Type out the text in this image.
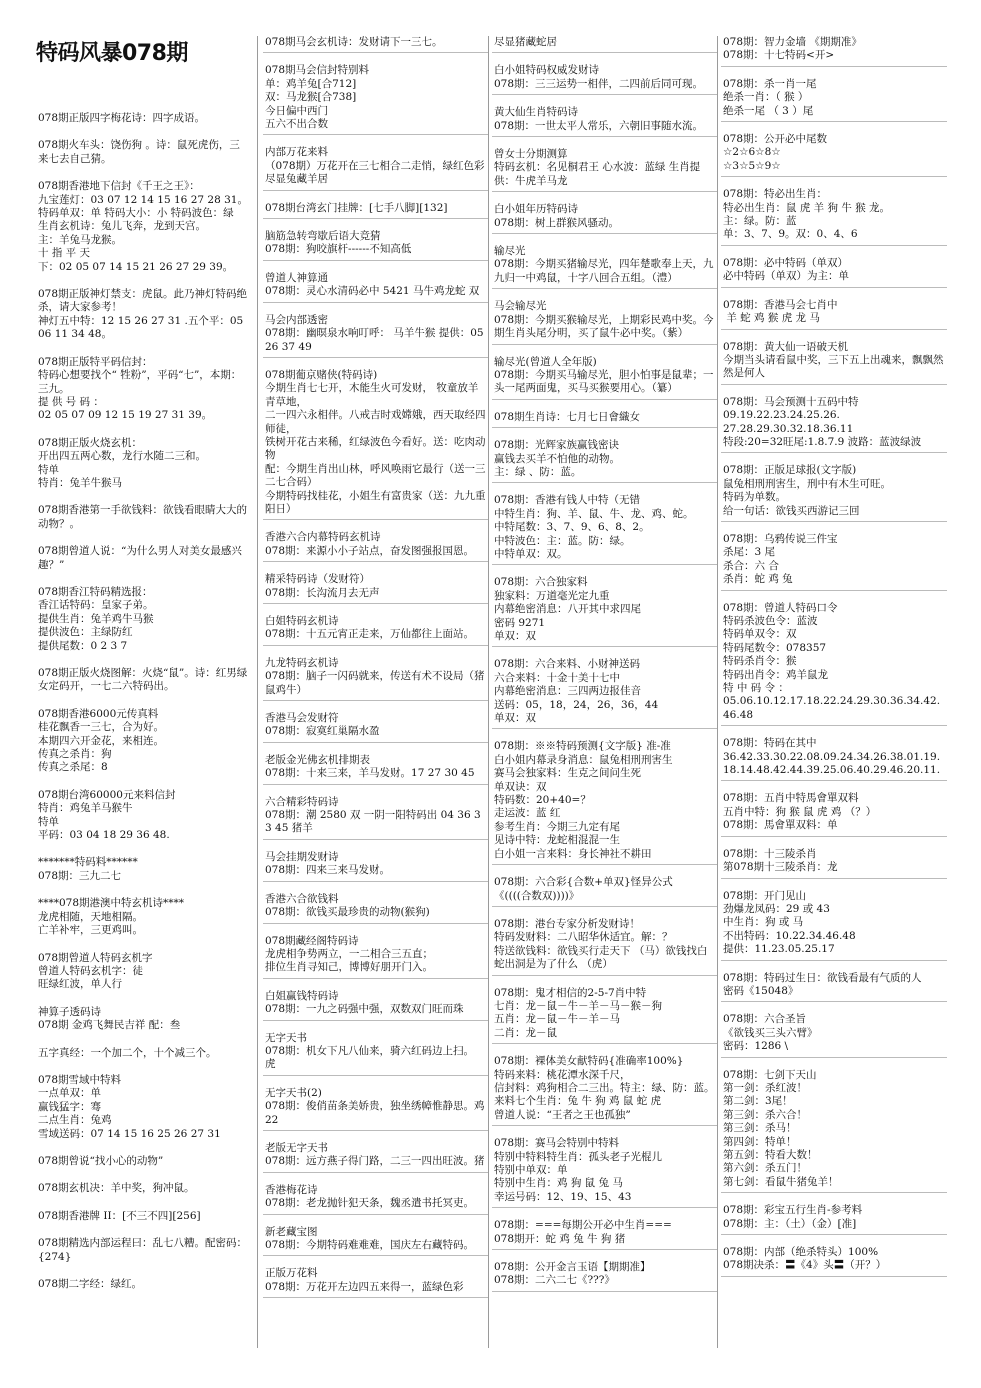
特码风暴078期
078期正版四字梅花诗：四字成语。
078期火车头：饶伤狗 。诗：鼠死虎伤，三来七去自己猜。
078期香港地下信封《千王之王》：
九宝莲灯：03 07 12 14 15 16 27 28 31。
特码单双：单 特码大小：小 特码波色：绿
生肖玄机诗：兔儿飞奔，龙到天宫。
主：羊兔马龙猴。
十 指 平 天
下：02 05 07 14 15 21 26 27 29 39。
078期正版神灯禁支：虎鼠。此乃神灯特码绝杀，请大家参考！
神灯五中特：12 15 26 27 31 .五个平：05 06 11 34 48。
078期正版特平码信封：
特码心想要找个“ 牲粉”，平码“七”，本期：三九。
提 供 号 码 ：
02 05 07 09 12 15 19 27 31 39。
078期正版火烧玄机：
开出四五两心数，龙行水随二三和。
特单
特肖：兔羊牛猴马
078期香港第一手欲钱料：欲钱看眼睛大大的动物？。
078期曾道人说：“为什么男人对美女最感兴趣？”
078期香江特码精选报：
香江话特码：皇家子弟。
提供生肖：兔羊鸡牛马猴
提供波色：主绿防红
提供尾数：0 2 3 7
078期正版火烧图解：火烧“鼠”。诗：红男绿女定码开，一七二六特码出。
078期香港6000元传真料
桂花飘香一三七，合为好。
本期四六开金花，来相连。
传真之杀肖：狗
传真之杀尾：8
078期台湾60000元来料信封
特肖：鸡兔羊马猴牛
特单
平码：03 04 18 29 36 48.
*******特码料******
078期：三九二七
****078期港澳中特玄机诗****
龙虎相随，天地相隔。
亡羊补牢，三更鸡叫。
078期曾道人特码玄机字
曾道人特码玄机字：徒
旺绿红波，单人行
神算子透码诗
078期 金鸡飞舞民吉祥 配：叁
五字真经：一个加二个，十个减三个。
078期雪域中特料
一点单双：单
赢钱猛字：骞
二点生肖：兔鸡
雪域送码：07 14 15 16 25 26 27 31
078期曾说“找小心的动物”
078期玄机决：羊中奖，狗冲鼠。
078期香港牌 II：[不三不四][256]
078期精选内部运程曰：乱七八糟。配密码：{274}
078期二字经：绿红。
078期马会玄机诗：发财请下一三七。
078期马会信封特别料
单：鸡羊兔[合712]
双：马龙猴[合738]
今日偏中西门
五六不出合数
内部万花来料
（078期）万花开在三七相合二走悄，绿红色彩尽显兔藏羊居
078期台湾玄门挂牌：[七手八脚][132]
脑筋急转弯歇后语大竞猜
078期：狗咬旗杆------不知高低
曾道人神算通
078期：灵心水清码必中 5421 马牛鸡龙蛇 双
马会内部透密
078期：幽暝泉水响叮呼： 马羊牛猴 提供：05 26 37 49
078期葡京赌侠(特码诗)
今期生肖七七开，木能生火可发财， 牧童放羊青草地，
二一四六永相伴。八戒吉时戏嫦娥，西天取经四师徒，
铁树开花古来稀，红绿波色今看好。送：吃肉动物
配：今期生肖出山林，呼风唤雨它最行（送一三二七合码）
今期特码找桂花，小姐生有富贵家（送：九九重阳日）
香港六合内幕特码玄机诗
078期：来源小小子站点，奋发图强报国恩。
精采特码诗（发财符）
078期：长沟流月去无声
白姐特码玄机诗
078期：十五元宵正走来，万仙都往上面站。
九龙特码玄机诗
078期：脑子一闪码就来，传送有术不设局（猪鼠鸡牛）
香港马会发财符
078期：寂寞红巢隔水盈
老版金光佛玄机排期表
078期：十来三来，羊马发财。17 27 30 45
六合精彩特码诗
078期：潮 2580 双 一阴一阳特码出 04 36 33 45 猪羊
马会挂期发财诗
078期：四来三来马发财。
香港六合欲钱料
078期：欲钱买最珍贵的动物(猴狗)
078期藏经阁特码诗
龙虎相争势两立，一二相合三五直；
排位生肖寻知己，博博好朋开门入。
白姐赢钱特码诗
078期：一九之码强中强，双数双门旺而珠
无字天书
078期：机女下凡八仙来，骑六红码边上扫。 虎
无字天书(2)
078期：俊俏苗条美娇贵，独坐绣幛惟静思。鸡22
老版无字天书
078期：远方燕子得门路，二三一四出旺波。猪
香港梅花诗
078期：老龙抛针犯天条，魏丞遣书托冥吏。
新老藏宝图
078期：今期特码难难难，国庆左右藏特码。
正版万花料
078期：万花开左边四五来得一，蓝绿色彩
尽显猪藏蛇居
白小姐特码权威发财诗
078期：三三运势一相伴，二四前后同可现。
黄大仙生肖特码诗
078期：一世太平人常乐，六朝旧事随水流。
曾女士分期测算
特码玄机：名见桐君王 心水波：蓝绿 生肖提供：牛虎羊马龙
白小姐年历特码诗
078期：树上群猴风骚动。
输尽光
078期：今期买猪输尽光，四年楚歌奉上天，九九归一中鸡鼠，十字八回合五组。（澧）
马会输尽光
078期：今期买猴输尽光，上期彩民鸡中奖。今期生肖头尾分明，买了鼠牛必中奖。（紫）
输尽光(曾道人全年版)
078期：今期买马输尽光，胆小怕事是鼠辈；一头一尾两面鬼，买马买猴要用心。（纂）
078期生肖诗：七月七日會織女
078期：光辉家族赢钱密诀
赢钱去买羊不怕他的动物。
主：绿 、防：蓝。
078期：香港有钱人中特（无错
中特生肖：狗、羊、鼠、牛、龙、鸡、蛇。
中特尾数：3、7、9、6、8、2。
中特波色：主：蓝。防：绿。
中特单双：双。
078期：六合独家料
独家料：万道毫光定九重
内幕绝密消息：八开其中求四尾
密码 9271
单双：双
078期：六合来料、小财神送码
六合来料：十金十美十七中
内幕绝密消息：三四两边报佳音
送码：05，18，24，26，36，44
单双：双
078期：※※特码预测{文字版} 准-准
白小姐内幕录身消息：鼠兔相刑刑害生
赛马会独家料：生克之间问生死
单双诀：双
特码数：20+40=？
走运波：蓝 红
参考生肖：今期三九定有尾
见诗中特：龙蛇相混混一生
白小姐一言来料：身长神社不耕田
078期：六合彩{合数+单双}怪异公式
《((((合数双))))》
078期：港台专家分析发财诗！
特码发财料：二八昭华休适宜。解：？
特送欲钱料：欲钱买行走天下 （马）欲钱找白蛇出洞是为了什么 （虎）
078期：鬼才相信的2-5-7肖中特
七肖：龙－鼠－牛－羊－马－猴－狗
五肖：龙－鼠－牛－羊－马
二肖：龙－鼠
078期：裸体美女献特码{准确率100%}
特码来料：桃花潭水深千尺，
信封料：鸡狗相合二三出。特主：绿、防：蓝。
来料七个生肖：兔 牛 狗 鸡 鼠 蛇 虎
曾道人说：“王者之王也孤独”
078期：赛马会特别中特料
特别中特料特生肖：孤头老子光棍儿
特别中单双：单
特别中生肖：鸡 狗 鼠 兔 马
幸运号码：12、19、15、43
078期：===每期公开必中生肖===
078期开：蛇 鸡 兔 牛 狗 猪
078期：公开金言玉语【期期准】
078期：二六二七《???》
078期：智力金墙 《期期准》
078期：十七特码<开>
078期：杀一肖一尾
绝杀一肖：（ 猴 ）
绝杀一尾 （ 3 ）尾
078期：公开必中尾数
☆2☆6☆8☆
☆3☆5☆9☆
078期：特必出生肖：
特必出生肖：鼠 虎 羊 狗 牛 猴 龙。
主：绿。防：蓝
单：3、7、9。双：0、4、6
078期：必中特码（单双）
必中特码（单双）为主：单
078期：香港马会七肖中
羊 蛇 鸡 猴 虎 龙 马
078期：黄大仙一语破天机
今期当头请看鼠中奖，三下五上出魂来，飘飘然然是何人
078期：马会预测十五码中特
09.19.22.23.24.25.26.
27.28.29.30.32.18.36.11
特段:20=32旺尾:1.8.7.9 波路：蓝波绿波
078期：正版足球报(文字版)
鼠兔相刑刑害生，刑中有木生可旺。
特码为单数。
给一句话：欲钱买西游记三回
078期：乌鸦传说三件宝
杀尾：3 尾
杀合：六 合
杀肖：蛇 鸡 兔
078期：曾道人特码口令
特码杀波色令：蓝波
特码单双令：双
特码尾数令：078357
特码杀肖令：猴
特码出肖令：鸡羊鼠龙
特 中 码 令 ：
05.06.10.12.17.18.22.24.29.30.36.34.42.46.48
078期：特码在其中
36.42.33.30.22.08.09.24.34.26.38.01.19.
18.14.48.42.44.39.25.06.40.29.46.20.11.
078期：五肖中特馬會單双料
五肖中特：狗 猴 鼠 虎 鸡 （？）
078期：馬會單双料：单
078期：十三陵杀肖
第078期十三陵杀肖：龙
078期：开门见山
劲爆龙凤码：29 或 43
中生肖：狗 或 马
不出特码：10.22.34.46.48
提供：11.23.05.25.17
078期：特码过生日：欲钱看最有气质的人
密码《15048》
078期：六合圣旨
《欲钱买三头六臂》
密码：1286 \
078期：七剑下天山
第一剑：杀红波！
第二剑：3尾！
第三剑：杀六合！
第三剑：杀马！
第四剑：特单！
第五剑：特看大数！
第六剑：杀五门！
第七剑：看鼠牛猪兔羊！
078期：彩宝五行生肖-参考料
078期：主：（土）（金）[准]
078期：内部（绝杀特头）100%
078期决杀：〓《4》头〓（开？）
